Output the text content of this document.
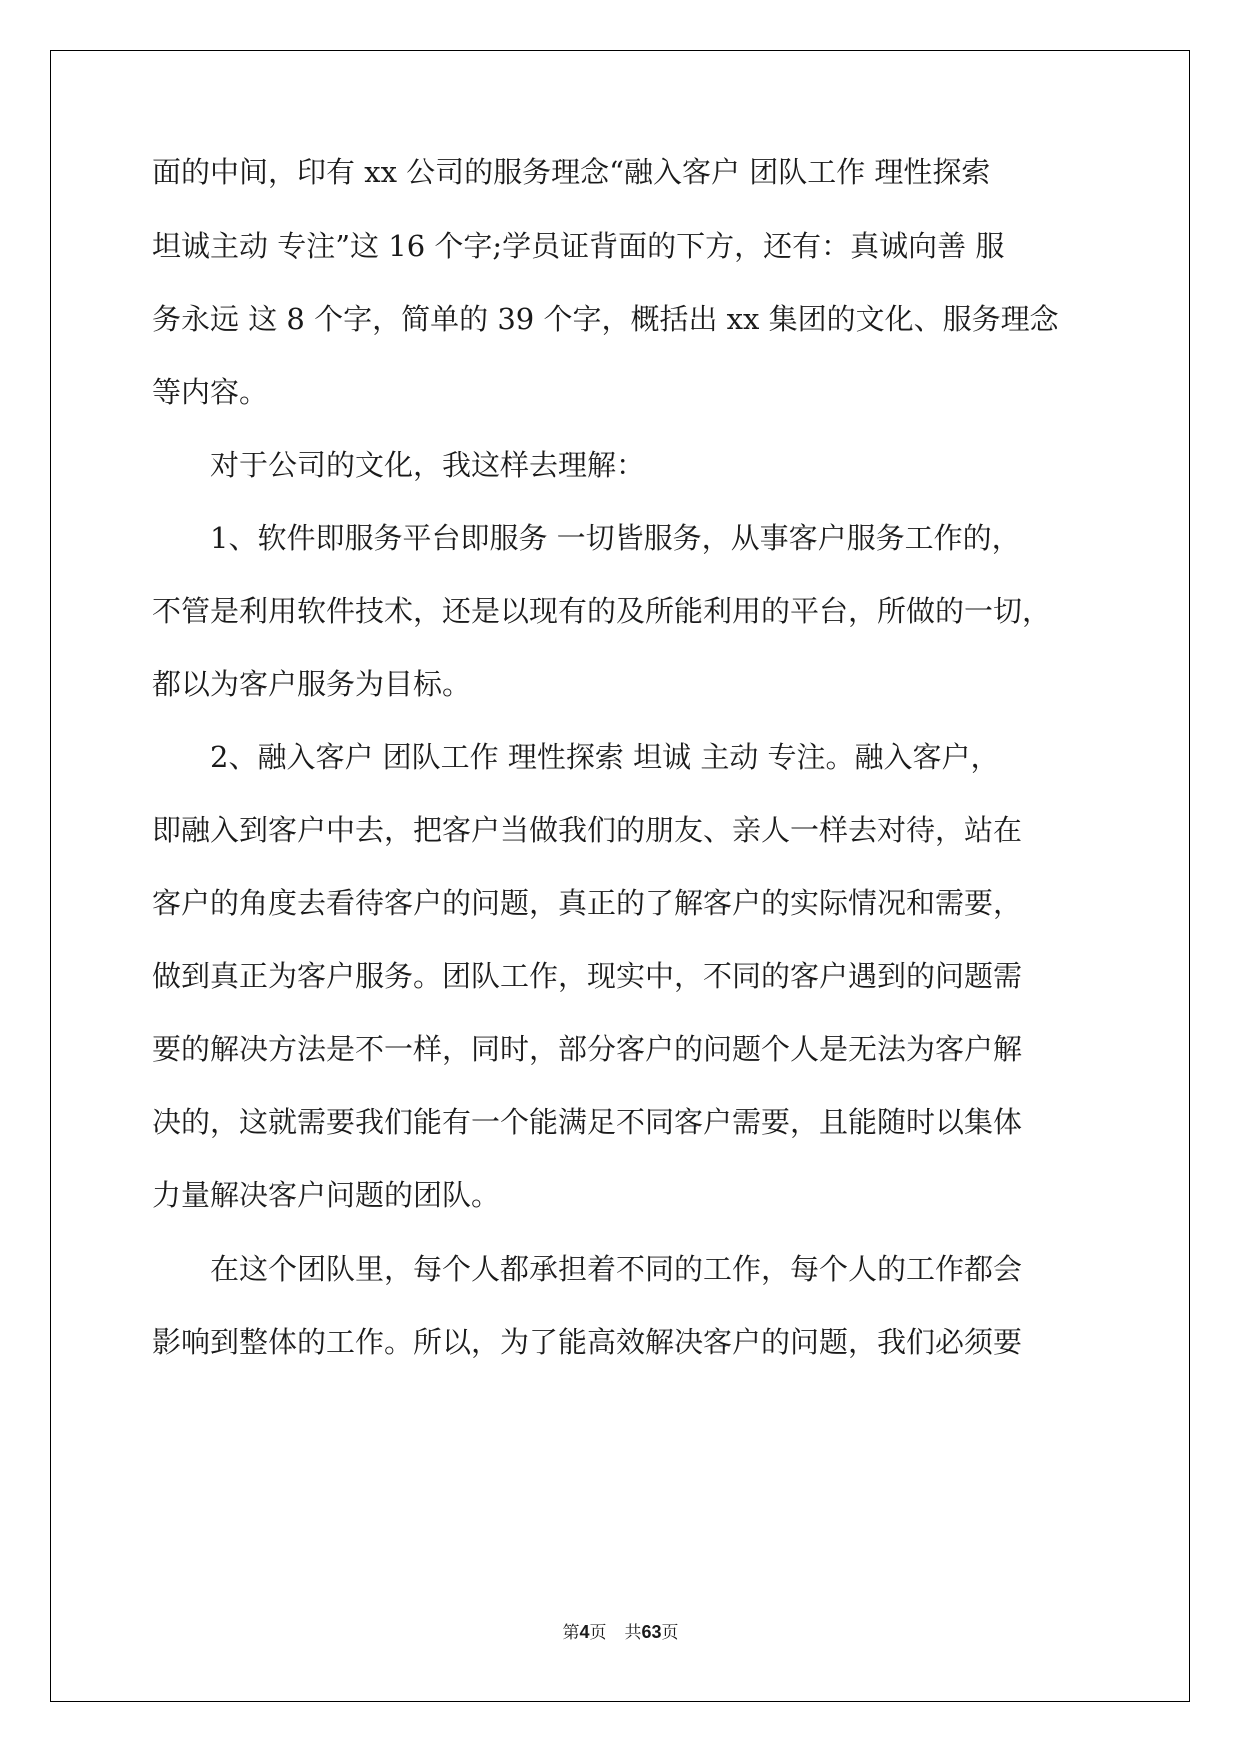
面的中间，印有 xx 公司的服务理念“融入客户 团队工作 理性探索

坦诚主动 专注”这 16 个字;学员证背面的下方，还有：真诚向善 服

务永远 这 8 个字，简单的 39 个字，概括出 xx 集团的文化、服务理念

等内容。

对于公司的文化，我这样去理解：

1、软件即服务平台即服务 一切皆服务，从事客户服务工作的，

不管是利用软件技术，还是以现有的及所能利用的平台，所做的一切，

都以为客户服务为目标。

2、融入客户 团队工作 理性探索 坦诚 主动 专注。融入客户，

即融入到客户中去，把客户当做我们的朋友、亲人一样去对待，站在

客户的角度去看待客户的问题，真正的了解客户的实际情况和需要，

做到真正为客户服务。团队工作，现实中，不同的客户遇到的问题需

要的解决方法是不一样，同时，部分客户的问题个人是无法为客户解

决的，这就需要我们能有一个能满足不同客户需要，且能随时以集体

力量解决客户问题的团队。

在这个团队里，每个人都承担着不同的工作，每个人的工作都会

影响到整体的工作。所以，为了能高效解决客户的问题，我们必须要

第4页 共63页
